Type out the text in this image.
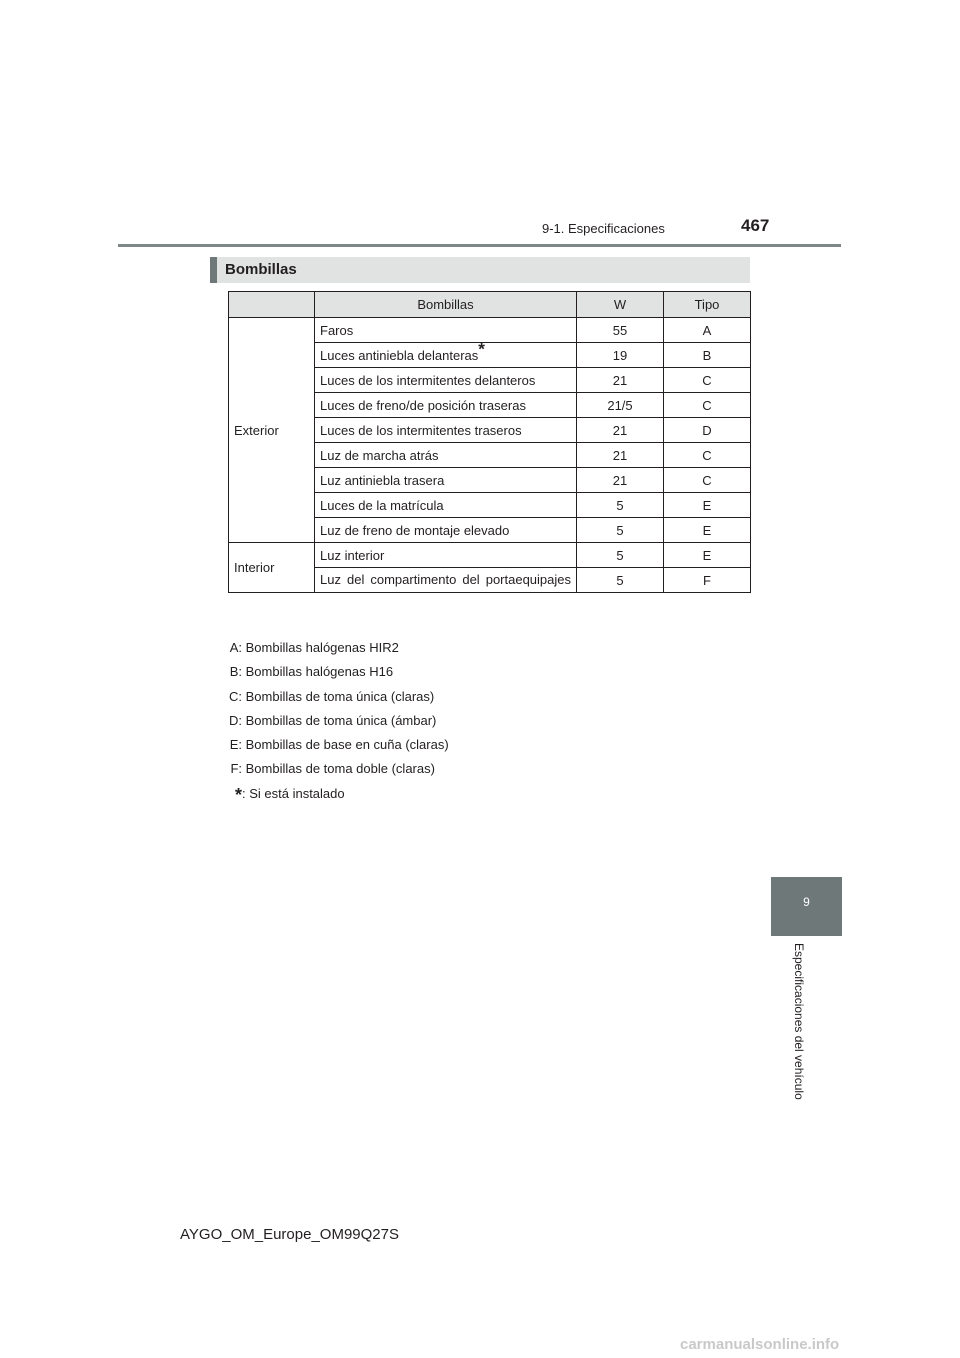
9-1. Especificaciones	467
Bombillas
	Bombillas	W	Tipo
Exterior	Faros	55	A
	Luces antiniebla delanteras*	19	B
	Luces de los intermitentes delanteros	21	C
	Luces de freno/de posición traseras	21/5	C
	Luces de los intermitentes traseros	21	D
	Luz de marcha atrás	21	C
	Luz antiniebla trasera	21	C
	Luces de la matrícula	5	E
	Luz de freno de montaje elevado	5	E
Interior	Luz interior	5	E
	Luz del compartimento del portaequipajes	5	F
A: Bombillas halógenas HIR2
B: Bombillas halógenas H16
C: Bombillas de toma única (claras)
D: Bombillas de toma única (ámbar)
E: Bombillas de base en cuña (claras)
F: Bombillas de toma doble (claras)
*: Si está instalado
9
Especificaciones del vehículo
AYGO_OM_Europe_OM99Q27S
carmanualsonline.info
